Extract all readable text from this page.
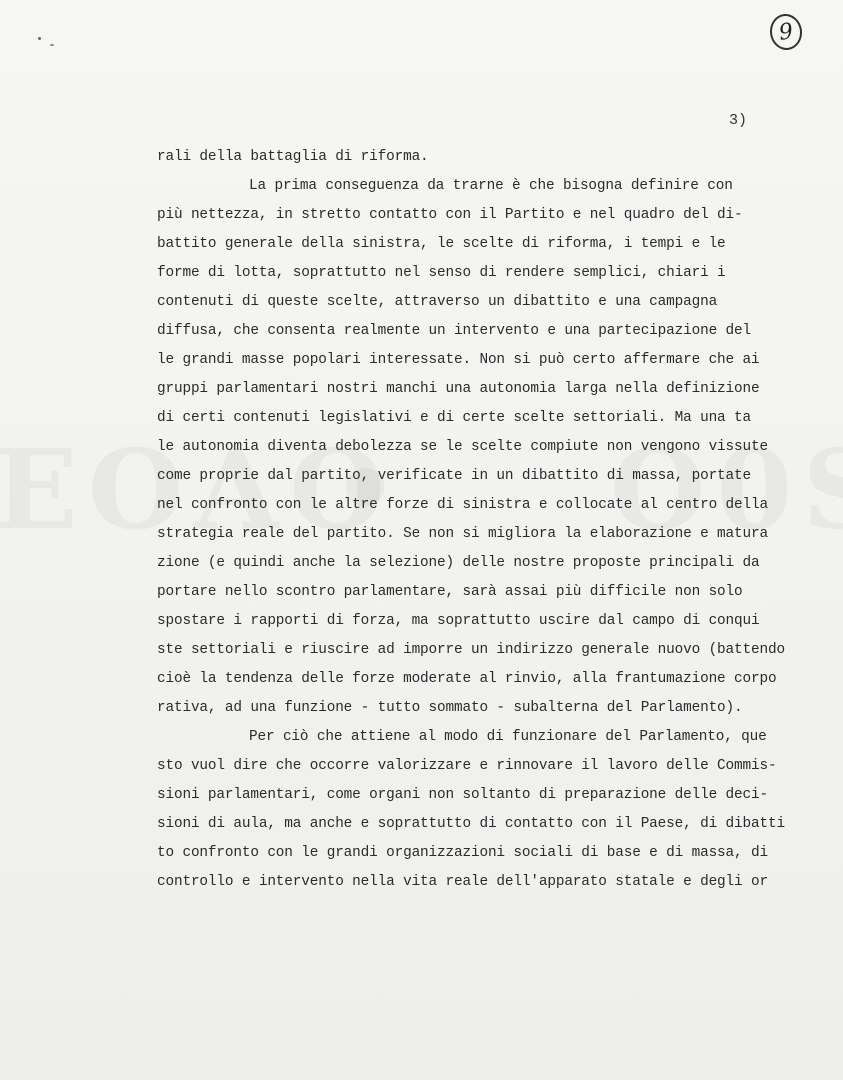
9
3)
rali della battaglia di riforma.
La prima conseguenza da trarne è che bisogna definire con
più nettezza, in stretto contatto con il Partito e nel quadro del di-
battito generale della sinistra, le scelte di riforma, i tempi e le
forme di lotta, soprattutto nel senso di rendere semplici, chiari i
contenuti di queste scelte, attraverso un dibattito e una campagna
diffusa, che consenta realmente un intervento e una partecipazione del
le grandi masse popolari interessate. Non si può certo affermare che ai
gruppi parlamentari nostri manchi una autonomia larga nella definizione
di certi contenuti legislativi e di certe scelte settoriali. Ma una ta
le autonomia diventa debolezza se le scelte compiute non vengono vissute
come proprie dal partito, verificate in un dibattito di massa, portate
nel confronto con le altre forze di sinistra e collocate al centro della
strategia reale del partito. Se non si migliora la elaborazione e matura
zione (e quindi anche la selezione) delle nostre proposte principali da
portare nello scontro parlamentare, sarà assai più difficile non solo
spostare i rapporti di forza, ma soprattutto uscire dal campo di conqui
ste settoriali e riuscire ad imporre un indirizzo generale nuovo (battendo
cioè la tendenza delle forze moderate al rinvio, alla frantumazione corpo
rativa, ad una funzione - tutto sommato - subalterna del Parlamento).
Per ciò che attiene al modo di funzionare del Parlamento, que
sto vuol dire che occorre valorizzare e rinnovare il lavoro delle Commis-
sioni parlamentari, come organi non soltanto di preparazione delle deci-
sioni di aula, ma anche e soprattutto di contatto con il Paese, di dibatti
to confronto con le grandi organizzazioni sociali di base e di massa, di
controllo e intervento nella vita reale dell'apparato statale e degli or
